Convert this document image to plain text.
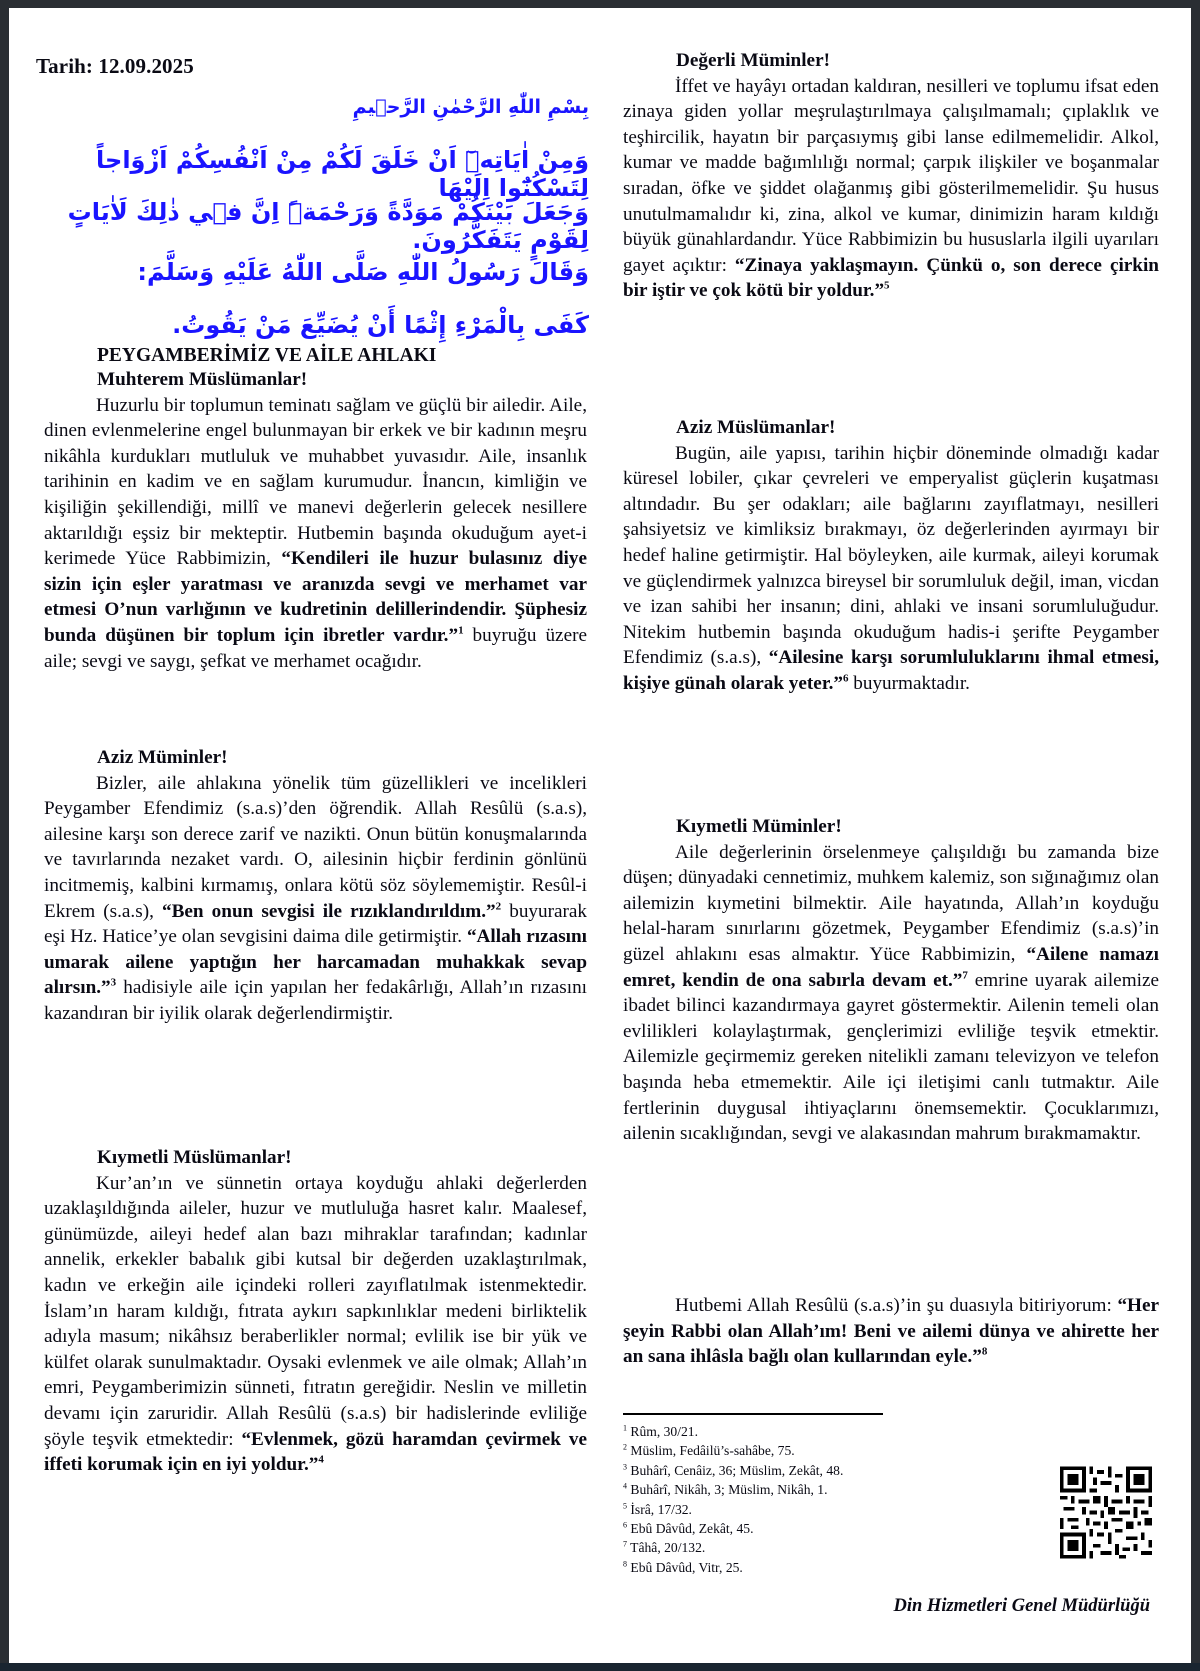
Tarih: 12.09.2025
بِسْمِ اللّٰهِ الرَّحْمٰنِ الرَّحٖيمِ
وَمِنْ اٰيَاتِه۪ٓ اَنْ خَلَقَ لَكُمْ مِنْ اَنْفُسِكُمْ اَزْوَاجاً لِتَسْكُنُٓوا اِلَيْهَا
وَجَعَلَ بَيْنَكُمْ مَوَدَّةً وَرَحْمَةًۜ اِنَّ ف۪ي ذٰلِكَ لَاٰيَاتٍ لِقَوْمٍ يَتَفَكَّرُونَ.
وَقَالَ رَسُولُ اللّٰهِ صَلَّى اللّٰهُ عَلَيْهِ وَسَلَّمَ:
كَفَى بِالْمَرْءِ إِثْمًا أَنْ يُضَيِّعَ مَنْ يَقُوتُ.
PEYGAMBERİMİZ VE AİLE AHLAKI
Muhterem Müslümanlar!

Huzurlu bir toplumun teminatı sağlam ve güçlü bir ailedir. Aile, dinen evlenmelerine engel bulunmayan bir erkek ve bir kadının meşru nikâhla kurdukları mutluluk ve muhabbet yuvasıdır. Aile, insanlık tarihinin en kadim ve en sağlam kurumudur. İnancın, kimliğin ve kişiliğin şekillendiği, millî ve manevi değerlerin gelecek nesillere aktarıldığı eşsiz bir mekteptir. Hutbemin başında okuduğum ayet-i kerimede Yüce Rabbimizin, “Kendileri ile huzur bulasınız diye sizin için eşler yaratması ve aranızda sevgi ve merhamet var etmesi O’nun varlığının ve kudretinin delillerindendir. Şüphesiz bunda düşünen bir toplum için ibretler vardır.”$^1$ buyruğu üzere aile; sevgi ve saygı, şefkat ve merhamet ocağıdır.

Aziz Müminler!

Bizler, aile ahlakına yönelik tüm güzellikleri ve incelikleri Peygamber Efendimiz (s.a.s)’den öğrendik. Allah Resûlü (s.a.s), ailesine karşı son derece zarif ve nazikti. Onun bütün konuşmalarında ve tavırlarında nezaket vardı. O, ailesinin hiçbir ferdinin gönlünü incitmemiş, kalbini kırmamış, onlara kötü söz söylememiştir. Resûl-i Ekrem (s.a.s), “Ben onun sevgisi ile rızıklandırıldım.”$^2$ buyurarak eşi Hz. Hatice’ye olan sevgisini daima dile getirmiştir. “Allah rızasını umarak ailene yaptığın her harcamadan muhakkak sevap alırsın.”$^3$ hadisiyle aile için yapılan her fedakârlığı, Allah’ın rızasını kazandıran bir iyilik olarak değerlendirmiştir.

Kıymetli Müslümanlar!

Kur’an’ın ve sünnetin ortaya koyduğu ahlaki değerlerden uzaklaşıldığında aileler, huzur ve mutluluğa hasret kalır. Maalesef, günümüzde, aileyi hedef alan bazı mihraklar tarafından; kadınlar annelik, erkekler babalık gibi kutsal bir değerden uzaklaştırılmak, kadın ve erkeğin aile içindeki rolleri zayıflatılmak istenmektedir. İslam’ın haram kıldığı, fıtrata aykırı sapkınlıklar medeni birliktelik adıyla masum; nikâhsız beraberlikler normal; evlilik ise bir yük ve külfet olarak sunulmaktadır. Oysaki evlenmek ve aile olmak; Allah’ın emri, Peygamberimizin sünneti, fıtratın gereğidir. Neslin ve milletin devamı için zaruridir. Allah Resûlü (s.a.s) bir hadislerinde evliliğe şöyle teşvik etmektedir: “Evlenmek, gözü haramdan çevirmek ve iffeti korumak için en iyi yoldur.”$^4$

Değerli Müminler!

İffet ve hayâyı ortadan kaldıran, nesilleri ve toplumu ifsat eden zinaya giden yollar meşrulaştırılmaya çalışılmamalı; çıplaklık ve teşhircilik, hayatın bir parçasıymış gibi lanse edilmemelidir. Alkol, kumar ve madde bağımlılığı normal; çarpık ilişkiler ve boşanmalar sıradan, öfke ve şiddet olağanmış gibi gösterilmemelidir. Şu husus unutulmamalıdır ki, zina, alkol ve kumar, dinimizin haram kıldığı büyük günahlardandır. Yüce Rabbimizin bu hususlarla ilgili uyarıları gayet açıktır: “Zinaya yaklaşmayın. Çünkü o, son derece çirkin bir iştir ve çok kötü bir yoldur.”$^5$

Aziz Müslümanlar!

Bugün, aile yapısı, tarihin hiçbir döneminde olmadığı kadar küresel lobiler, çıkar çevreleri ve emperyalist güçlerin kuşatması altındadır. Bu şer odakları; aile bağlarını zayıflatmayı, nesilleri şahsiyetsiz ve kimliksiz bırakmayı, öz değerlerinden ayırmayı bir hedef haline getirmiştir. Hal böyleyken, aile kurmak, aileyi korumak ve güçlendirmek yalnızca bireysel bir sorumluluk değil, iman, vicdan ve izan sahibi her insanın; dini, ahlaki ve insani sorumluluğudur. Nitekim hutbemin başında okuduğum hadis-i şerifte Peygamber Efendimiz (s.a.s), “Ailesine karşı sorumluluklarını ihmal etmesi, kişiye günah olarak yeter.”$^6$ buyurmaktadır.

Kıymetli Müminler!

Aile değerlerinin örselenmeye çalışıldığı bu zamanda bize düşen; dünyadaki cennetimiz, muhkem kalemiz, son sığınağımız olan ailemizin kıymetini bilmektir. Aile hayatında, Allah’ın koyduğu helal-haram sınırlarını gözetmek, Peygamber Efendimiz (s.a.s)’in güzel ahlakını esas almaktır. Yüce Rabbimizin, “Ailene namazı emret, kendin de ona sabırla devam et.”$^7$ emrine uyarak ailemize ibadet bilinci kazandırmaya gayret göstermektir. Ailenin temeli olan evlilikleri kolaylaştırmak, gençlerimizi evliliğe teşvik etmektir. Ailemizle geçirmemiz gereken nitelikli zamanı televizyon ve telefon başında heba etmemektir. Aile içi iletişimi canlı tutmaktır. Aile fertlerinin duygusal ihtiyaçlarını önemsemektir. Çocuklarımızı, ailenin sıcaklığından, sevgi ve alakasından mahrum bırakmamaktır.

Hutbemi Allah Resûlü (s.a.s)’in şu duasıyla bitiriyorum: “Her şeyin Rabbi olan Allah’ım! Beni ve ailemi dünya ve ahirette her an sana ihlâsla bağlı olan kullarından eyle.”$^8$

$^1$ Rûm, 30/21.
$^2$ Müslim, Fedâilü’s-sahâbe, 75.
$^3$ Buhârî, Cenâiz, 36; Müslim, Zekât, 48.
$^4$ Buhârî, Nikâh, 3; Müslim, Nikâh, 1.
$^5$ İsrâ, 17/32.
$^6$ Ebû Dâvûd, Zekât, 45.
$^7$ Tâhâ, 20/132.
$^8$ Ebû Dâvûd, Vitr, 25.
Din Hizmetleri Genel Müdürlüğü
